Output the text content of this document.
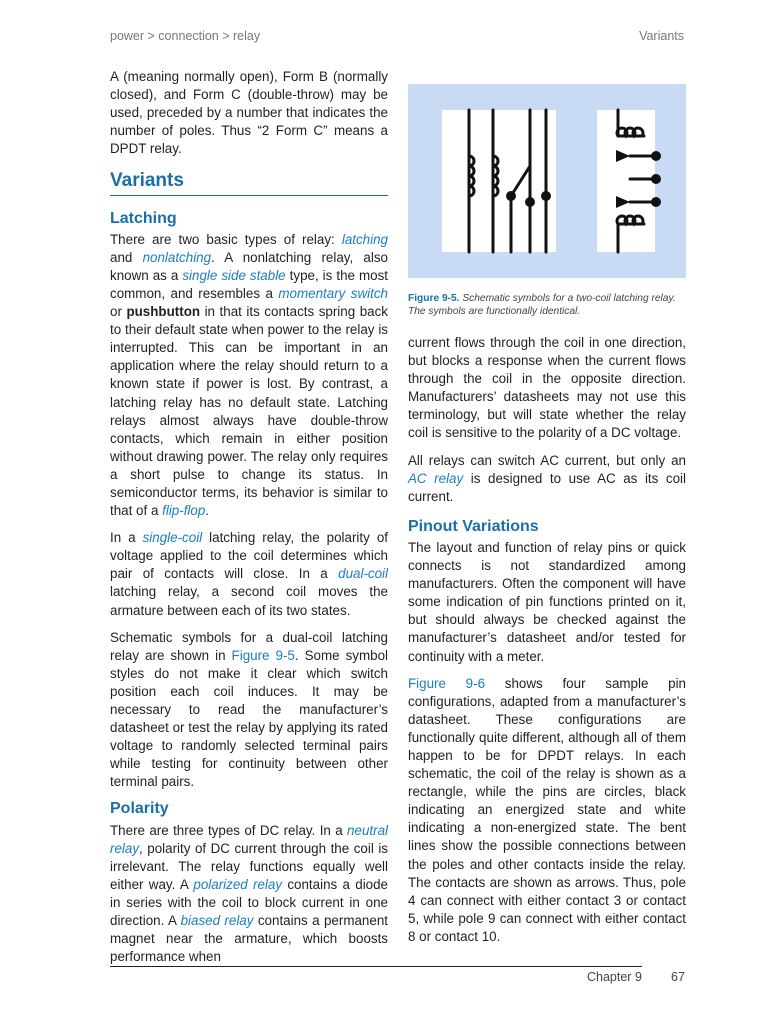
power > connection > relay	Variants

A (meaning normally open), Form B (normally closed), and Form C (double-throw) may be used, preceded by a number that indicates the number of poles. Thus “2 Form C” means a DPDT relay.

Variants
Latching

There are two basic types of relay: latching and nonlatching. A nonlatching relay, also known as a single side stable type, is the most common, and resembles a momentary switch or pushbutton in that its contacts spring back to their default state when power to the relay is interrupted. This can be important in an application where the relay should return to a known state if power is lost. By contrast, a latching relay has no default state. Latching relays almost always have double-throw contacts, which remain in either position without drawing power. The relay only requires a short pulse to change its status. In semiconductor terms, its behavior is similar to that of a flip-flop.

In a single-coil latching relay, the polarity of voltage applied to the coil determines which pair of contacts will close. In a dual-coil latching relay, a second coil moves the armature between each of its two states.

Schematic symbols for a dual-coil latching relay are shown in Figure 9-5. Some symbol styles do not make it clear which switch position each coil induces. It may be necessary to read the manufacturer’s datasheet or test the relay by applying its rated voltage to randomly selected terminal pairs while testing for continuity between other terminal pairs.

Polarity

There are three types of DC relay. In a neutral relay, polarity of DC current through the coil is irrelevant. The relay functions equally well either way. A polarized relay contains a diode in series with the coil to block current in one direction. A biased relay contains a permanent magnet near the armature, which boosts performance when

Figure 9-5. Schematic symbols for a two-coil latching relay. The symbols are functionally identical.

current flows through the coil in one direction, but blocks a response when the current flows through the coil in the opposite direction. Manufacturers’ datasheets may not use this terminology, but will state whether the relay coil is sensitive to the polarity of a DC voltage.

All relays can switch AC current, but only an AC relay is designed to use AC as its coil current.

Pinout Variations

The layout and function of relay pins or quick connects is not standardized among manufacturers. Often the component will have some indication of pin functions printed on it, but should always be checked against the manufacturer’s datasheet and/or tested for continuity with a meter.

Figure 9-6 shows four sample pin configurations, adapted from a manufacturer’s datasheet. These configurations are functionally quite different, although all of them happen to be for DPDT relays. In each schematic, the coil of the relay is shown as a rectangle, while the pins are circles, black indicating an energized state and white indicating a non-energized state. The bent lines show the possible connections between the poles and other contacts inside the relay. The contacts are shown as arrows. Thus, pole 4 can connect with either contact 3 or contact 5, while pole 9 can connect with either contact 8 or contact 10.

Chapter 9 67
